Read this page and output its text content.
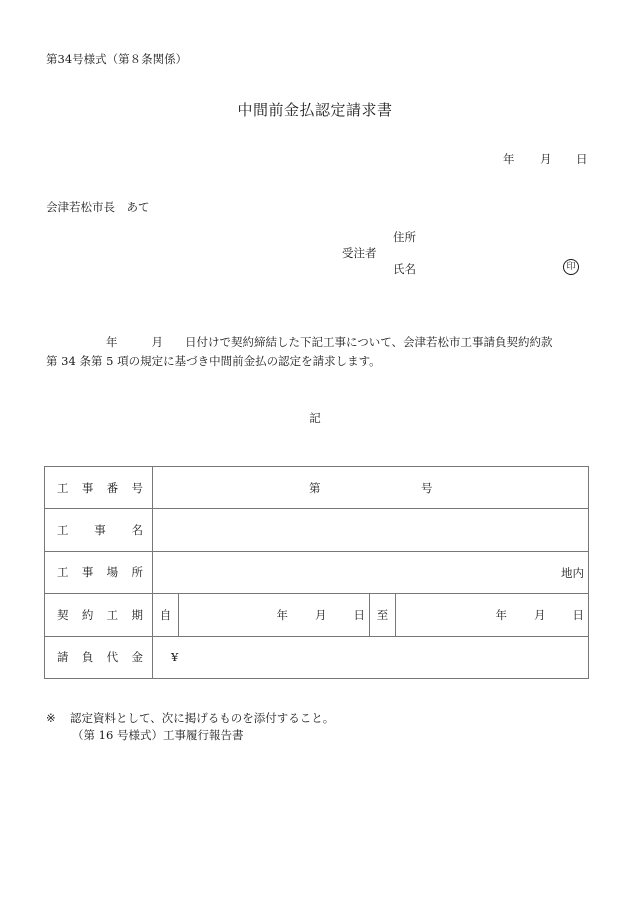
第34号様式（第８条関係）
中間前金払認定請求書
年 月 日
会津若松市長　あて
住所
受注者
氏名	印
年	月 日付けで契約締結した下記工事について、会津若松市工事請負契約約款
第 34 条第 5 項の規定に基づき中間前金払の認定を請求します。
記
工 事 番 号	第 号			

工 事 名				

工 事 場 所	地内			

契 約 工 期	自	年 月 日	至	年 月 日

請 負 代 金	¥			
※ 認定資料として、次に掲げるものを添付すること。
（第 16 号様式）工事履行報告書
